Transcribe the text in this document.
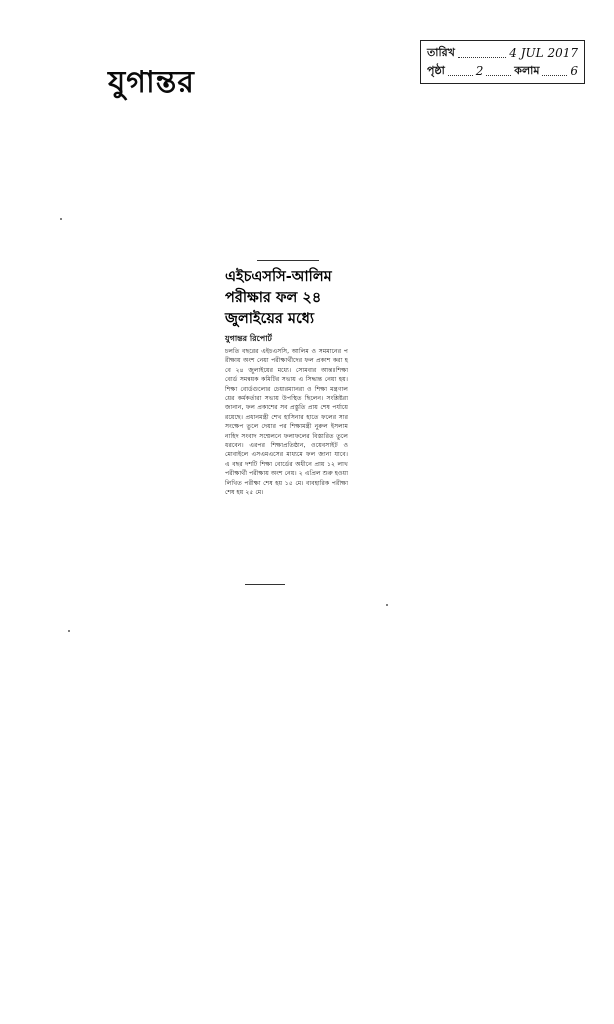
যুগান্তর
তারিখ	4 JUL 2017
পৃষ্ঠা	2	কলাম	6
এইচএসসি-আলিম পরীক্ষার ফল ২৪ জুলাইয়ের মধ্যে
যুগান্তর রিপোর্ট
চলতি বছরের এইচএসসি, আলিম ও সমমানের পরীক্ষায় অংশ নেয়া পরীক্ষার্থীদের ফল প্রকাশ করা হবে ২৪ জুলাইয়ের মধ্যে। সোমবার আন্তঃশিক্ষা বোর্ড সমন্বয়ক কমিটির সভায় এ সিদ্ধান্ত নেয়া হয়। শিক্ষা বোর্ডগুলোর চেয়ারম্যানরা ও শিক্ষা মন্ত্রণালয়ের কর্মকর্তারা সভায় উপস্থিত ছিলেন। সংশ্লিষ্টরা জানান, ফল প্রকাশের সব প্রস্তুতি প্রায় শেষ পর্যায়ে রয়েছে। প্রধানমন্ত্রী শেখ হাসিনার হাতে ফলের সারসংক্ষেপ তুলে দেয়ার পর শিক্ষামন্ত্রী নুরুল ইসলাম নাহিদ সংবাদ সম্মেলনে ফলাফলের বিস্তারিত তুলে ধরবেন। এরপর শিক্ষাপ্রতিষ্ঠান, ওয়েবসাইট ও মোবাইলে এসএমএসের মাধ্যমে ফল জানা যাবে। এ বছর দশটি শিক্ষা বোর্ডের অধীনে প্রায় ১২ লাখ পরীক্ষার্থী পরীক্ষায় অংশ নেয়। ২ এপ্রিল শুরু হওয়া লিখিত পরীক্ষা শেষ হয় ১৫ মে। ব্যবহারিক পরীক্ষা শেষ হয় ২৫ মে।
